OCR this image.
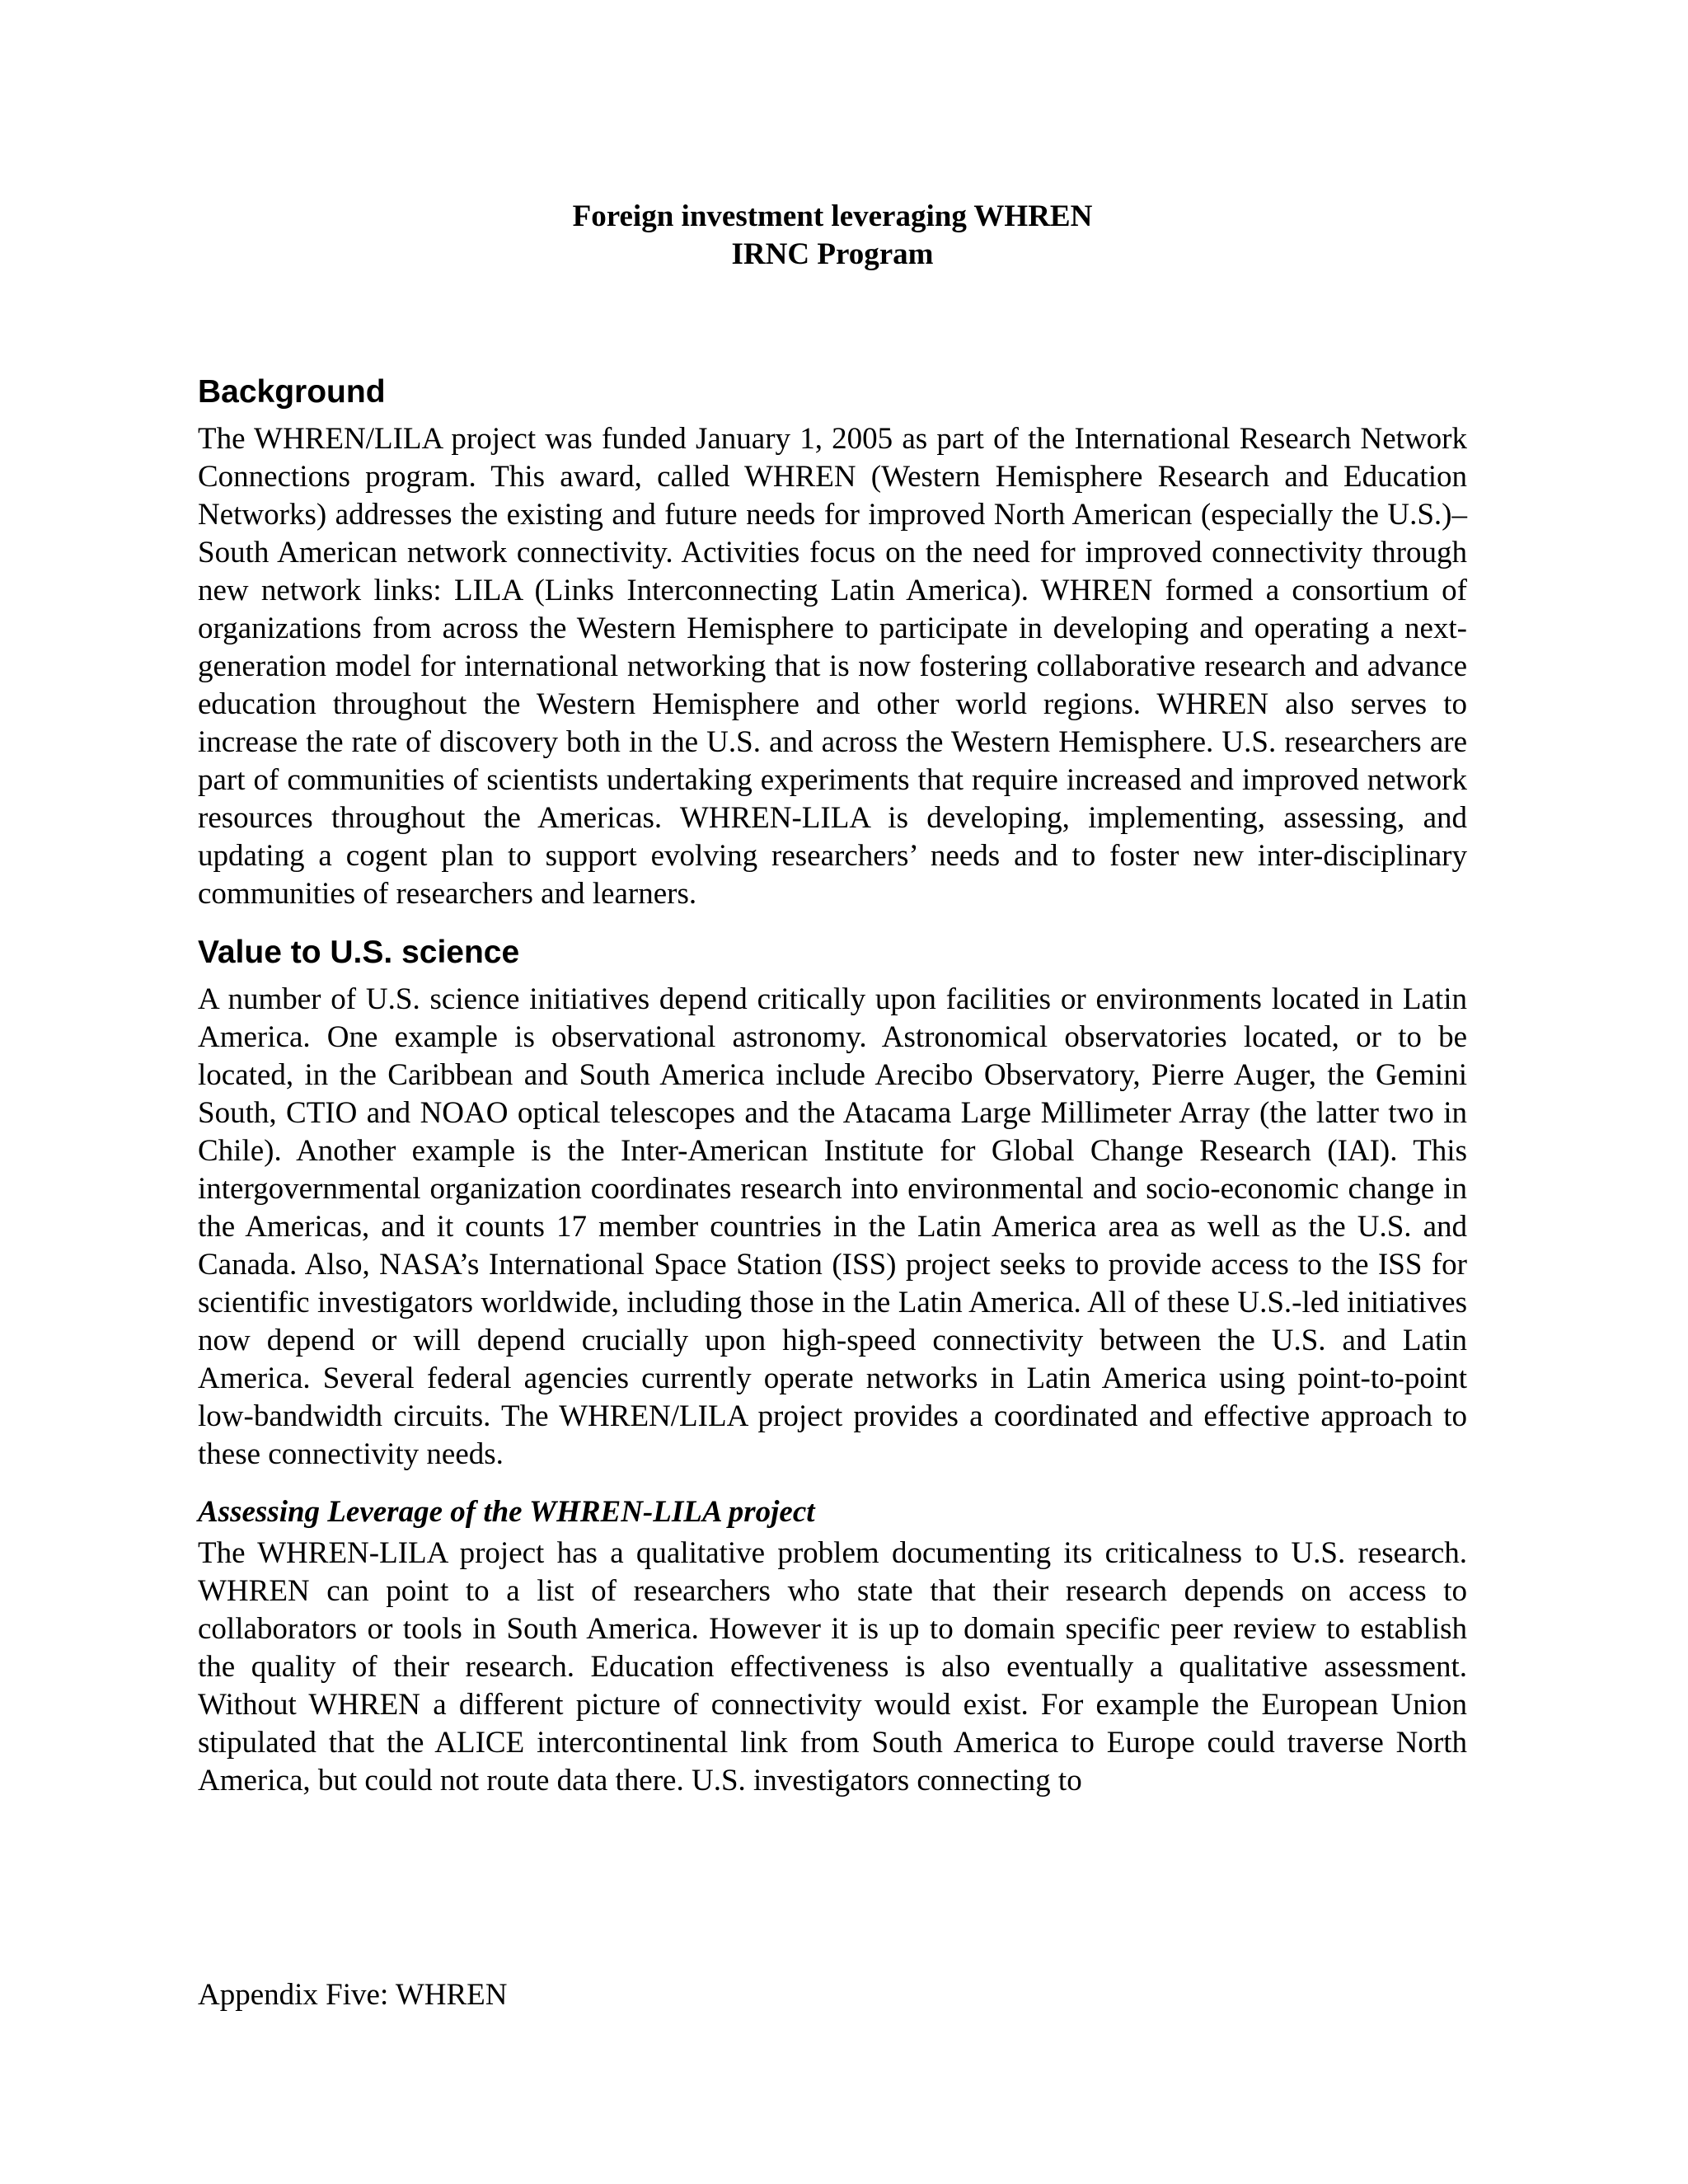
Foreign investment leveraging WHREN
IRNC Program
Background

The WHREN/LILA project was funded January 1, 2005 as part of the International Research Network Connections program. This award, called WHREN (Western Hemisphere Research and Education Networks) addresses the existing and future needs for improved North American (especially the U.S.)–South American network connectivity. Activities focus on the need for improved connectivity through new network links: LILA (Links Interconnecting Latin America). WHREN formed a consortium of organizations from across the Western Hemisphere to participate in developing and operating a next-generation model for international networking that is now fostering collaborative research and advance education throughout the Western Hemisphere and other world regions. WHREN also serves to increase the rate of discovery both in the U.S. and across the Western Hemisphere. U.S. researchers are part of communities of scientists undertaking experiments that require increased and improved network resources throughout the Americas. WHREN-LILA is developing, implementing, assessing, and updating a cogent plan to support evolving researchers’ needs and to foster new inter-disciplinary communities of researchers and learners.

Value to U.S. science

A number of U.S. science initiatives depend critically upon facilities or environments located in Latin America. One example is observational astronomy. Astronomical observatories located, or to be located, in the Caribbean and South America include Arecibo Observatory, Pierre Auger, the Gemini South, CTIO and NOAO optical telescopes and the Atacama Large Millimeter Array (the latter two in Chile). Another example is the Inter-American Institute for Global Change Research (IAI). This intergovernmental organization coordinates research into environmental and socio-economic change in the Americas, and it counts 17 member countries in the Latin America area as well as the U.S. and Canada. Also, NASA’s International Space Station (ISS) project seeks to provide access to the ISS for scientific investigators worldwide, including those in the Latin America. All of these U.S.-led initiatives now depend or will depend crucially upon high-speed connectivity between the U.S. and Latin America. Several federal agencies currently operate networks in Latin America using point-to-point low-bandwidth circuits. The WHREN/LILA project provides a coordinated and effective approach to these connectivity needs.

Assessing Leverage of the WHREN-LILA project

The WHREN-LILA project has a qualitative problem documenting its criticalness to U.S. research. WHREN can point to a list of researchers who state that their research depends on access to collaborators or tools in South America. However it is up to domain specific peer review to establish the quality of their research. Education effectiveness is also eventually a qualitative assessment. Without WHREN a different picture of connectivity would exist. For example the European Union stipulated that the ALICE intercontinental link from South America to Europe could traverse North America, but could not route data there. U.S. investigators connecting to

Appendix Five: WHREN
